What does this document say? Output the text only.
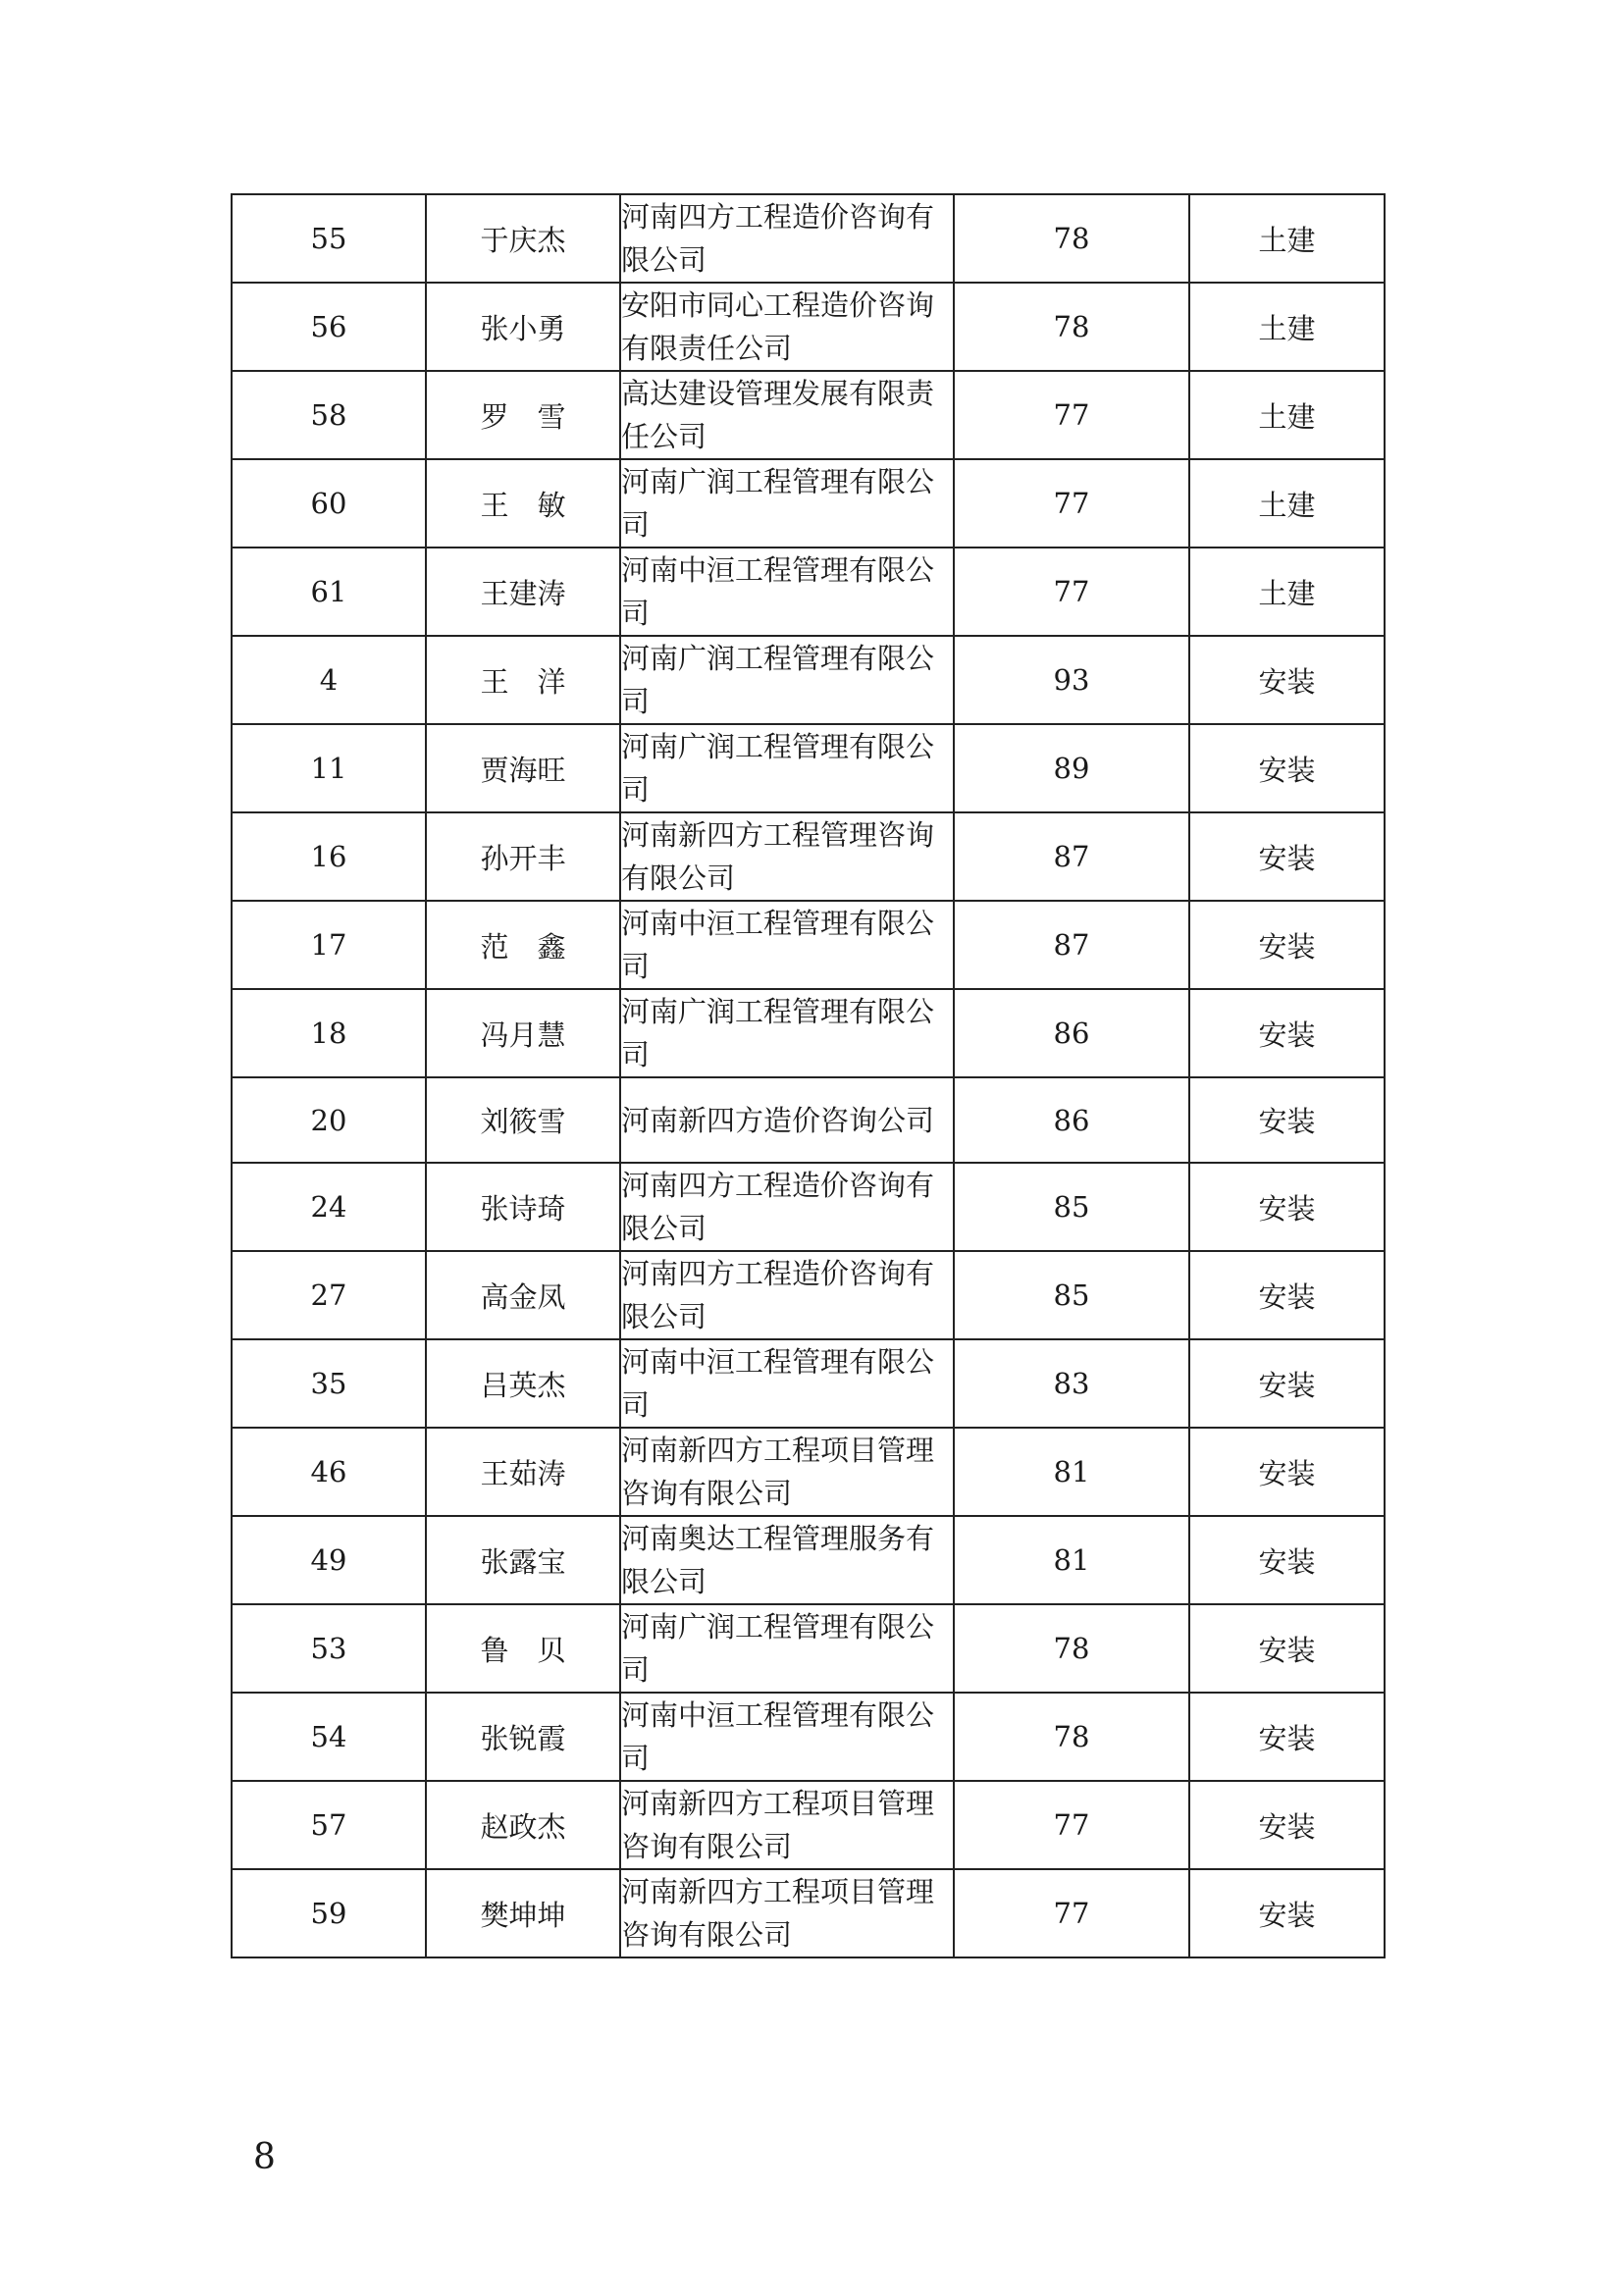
55	于庆杰	河南四方工程造价咨询有限公司	78	土建
56	张小勇	安阳市同心工程造价咨询有限责任公司	78	土建
58	罗　雪	高达建设管理发展有限责任公司	77	土建
60	王　敏	河南广润工程管理有限公司	77	土建
61	王建涛	河南中洹工程管理有限公司	77	土建
4	王　洋	河南广润工程管理有限公司	93	安装
11	贾海旺	河南广润工程管理有限公司	89	安装
16	孙开丰	河南新四方工程管理咨询有限公司	87	安装
17	范　鑫	河南中洹工程管理有限公司	87	安装
18	冯月慧	河南广润工程管理有限公司	86	安装
20	刘筱雪	河南新四方造价咨询公司	86	安装
24	张诗琦	河南四方工程造价咨询有限公司	85	安装
27	高金凤	河南四方工程造价咨询有限公司	85	安装
35	吕英杰	河南中洹工程管理有限公司	83	安装
46	王茹涛	河南新四方工程项目管理咨询有限公司	81	安装
49	张露宝	河南奥达工程管理服务有限公司	81	安装
53	鲁　贝	河南广润工程管理有限公司	78	安装
54	张锐霞	河南中洹工程管理有限公司	78	安装
57	赵政杰	河南新四方工程项目管理咨询有限公司	77	安装
59	樊坤坤	河南新四方工程项目管理咨询有限公司	77	安装
8
